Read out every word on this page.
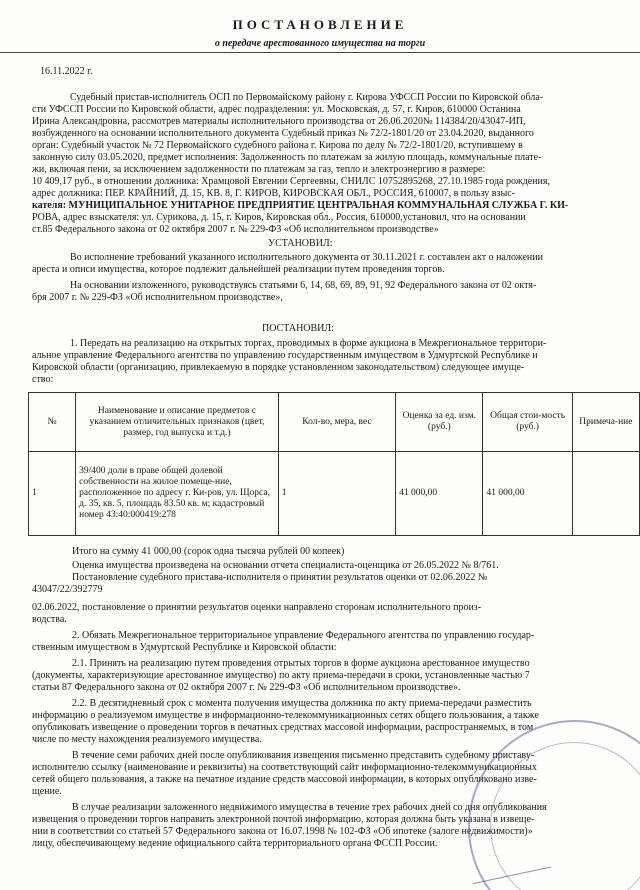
ПОСТАНОВЛЕНИЕ
о передаче арестованного имущества на торги
16.11.2022 г.
Судебный пристав-исполнитель ОСП по Первомайскому району г. Кирова УФССП России по Кировской обла-
сти УФССП России по Кировской области, адрес подразделения: ул. Московская, д. 57, г. Киров, 610000 Останина
Ирина Александровна, рассмотрев материалы исполнительного производства от 26.06.2020№ 114384/20/43047-ИП,
возбужденного на основании исполнительного документа Судебный приказ № 72/2-1801/20 от 23.04.2020, выданного
орган: Судебный участок № 72 Первомайского судебного района г. Кирова по делу № 72/2-1801/20, вступившему в
законную силу 03.05.2020, предмет исполнения: Задолженность по платежам за жилую площадь, коммунальные плате-
жи, включая пени, за исключением задолженности по платежам за газ, тепло и электроэнергию в размере:
10 409,17 руб., в отношении должника: Храмцовой Евгении Сергеевны, СНИЛС 10752895268, 27.10.1985 года рождения,
адрес должника: ПЕР. КРАЙНИЙ, Д. 15, КВ. 8, Г. КИРОВ, КИРОВСКАЯ ОБЛ., РОССИЯ, 610007, в пользу взыс-
кателя: МУНИЦИПАЛЬНОЕ УНИТАРНОЕ ПРЕДПРИЯТИЕ ЦЕНТРАЛЬНАЯ КОММУНАЛЬНАЯ СЛУЖБА Г. КИ-
РОВА, адрес взыскателя: ул. Сурикова, д. 15, г. Киров, Кировская обл., Россия, 610000,установил, что на основании
ст.85 Федерального закона от 02 октября 2007 г. № 229-ФЗ «Об исполнительном производстве»
УСТАНОВИЛ:
Во исполнение требований указанного исполнительного документа от 30.11.2021 г. составлен акт о наложении
ареста и описи имущества, которое подлежит дальнейшей реализации путем проведения торгов.
На основании изложенного, руководствуясь статьями 6, 14, 68, 69, 89, 91, 92 Федерального закона от 02 октя-
бря 2007 г. № 229-ФЗ «Об исполнительном производстве»,
ПОСТАНОВИЛ:
1. Передать на реализацию на открытых торгах, проводимых в форме аукциона в Межрегиональное территори-
альное управление Федерального агентства по управлению государственным имуществом в Удмуртской Республике и
Кировской области (организацию, привлекаемую в порядке установленном законодательством) следующее имуще-
ство:
№	Наименование и описание предметов с указанием отличительных признаков (цвет, размер, год выпуска и т.д.)	Кол-во, мера, вес	Оценка за ед. изм. (руб.)	Общая стои-мость (руб.)	Примеча-ние
1	39/400 доли в праве общей долевой собственности на жилое помеще-ние, расположенное по адресу г. Ки-ров, ул. Щорса, д. 35, кв. 5, площадь 83.50 кв. м; кадастровый номер 43:40:000419:278	1	41 000,00	41 000,00	
Итого на сумму 41 000,00 (сорок одна тысяча рублей 00 копеек)
Оценка имущества произведена на основании отчета специалиста-оценщика от 26.05.2022 № 8/761.
Постановление судебного пристава-исполнителя о принятии результатов оценки от 02.06.2022 №
43047/22/392779
02.06.2022, постановление о принятии результатов оценки направлено сторонам исполнительного произ-
водства.
2. Обязать Межрегиональное территориальное управление Федерального агентства по управлению государ-
ственным имуществом в Удмуртской Республике и Кировской области:
2.1. Принять на реализацию путем проведения отрытых торгов в форме аукциона арестованное имущество
(документы, характеризующие арестованное имущество) по акту приема-передачи в сроки, установленные частью 7
статьи 87 Федерального закона от 02 октября 2007 г. № 229-ФЗ «Об исполнительном производстве».
2.2. В десятидневный срок с момента получения имущества должника по акту приема-передачи разместить
информацию о реализуемом имуществе в информационно-телекоммуникационных сетях общего пользования, а также
опубликовать извещение о проведении торгов в печатных средствах массовой информации, распространяемых, в том
числе по месту нахождения реализуемого имущества.
В течение семи рабочих дней после опубликования извещения письменно представить судебному приставу-
исполнителю ссылку (наименование и реквизиты) на соответствующий сайт информационно-телекоммуникационных
сетей общего пользования, а также на печатное издание средств массовой информации, в которых опубликовано изве-
щение.
В случае реализации заложенного недвижимого имущества в течение трех рабочих дней со дня опубликования
извещения о проведении торгов направить электронной почтой информацию, которая должна быть указана в извеще-
нии в соответствии со статьей 57 Федерального закона от 16.07.1998 № 102-ФЗ «Об ипотеке (залоге недвижимости)»
лицу, обеспечивающему ведение официального сайта территориального органа ФССП России.
